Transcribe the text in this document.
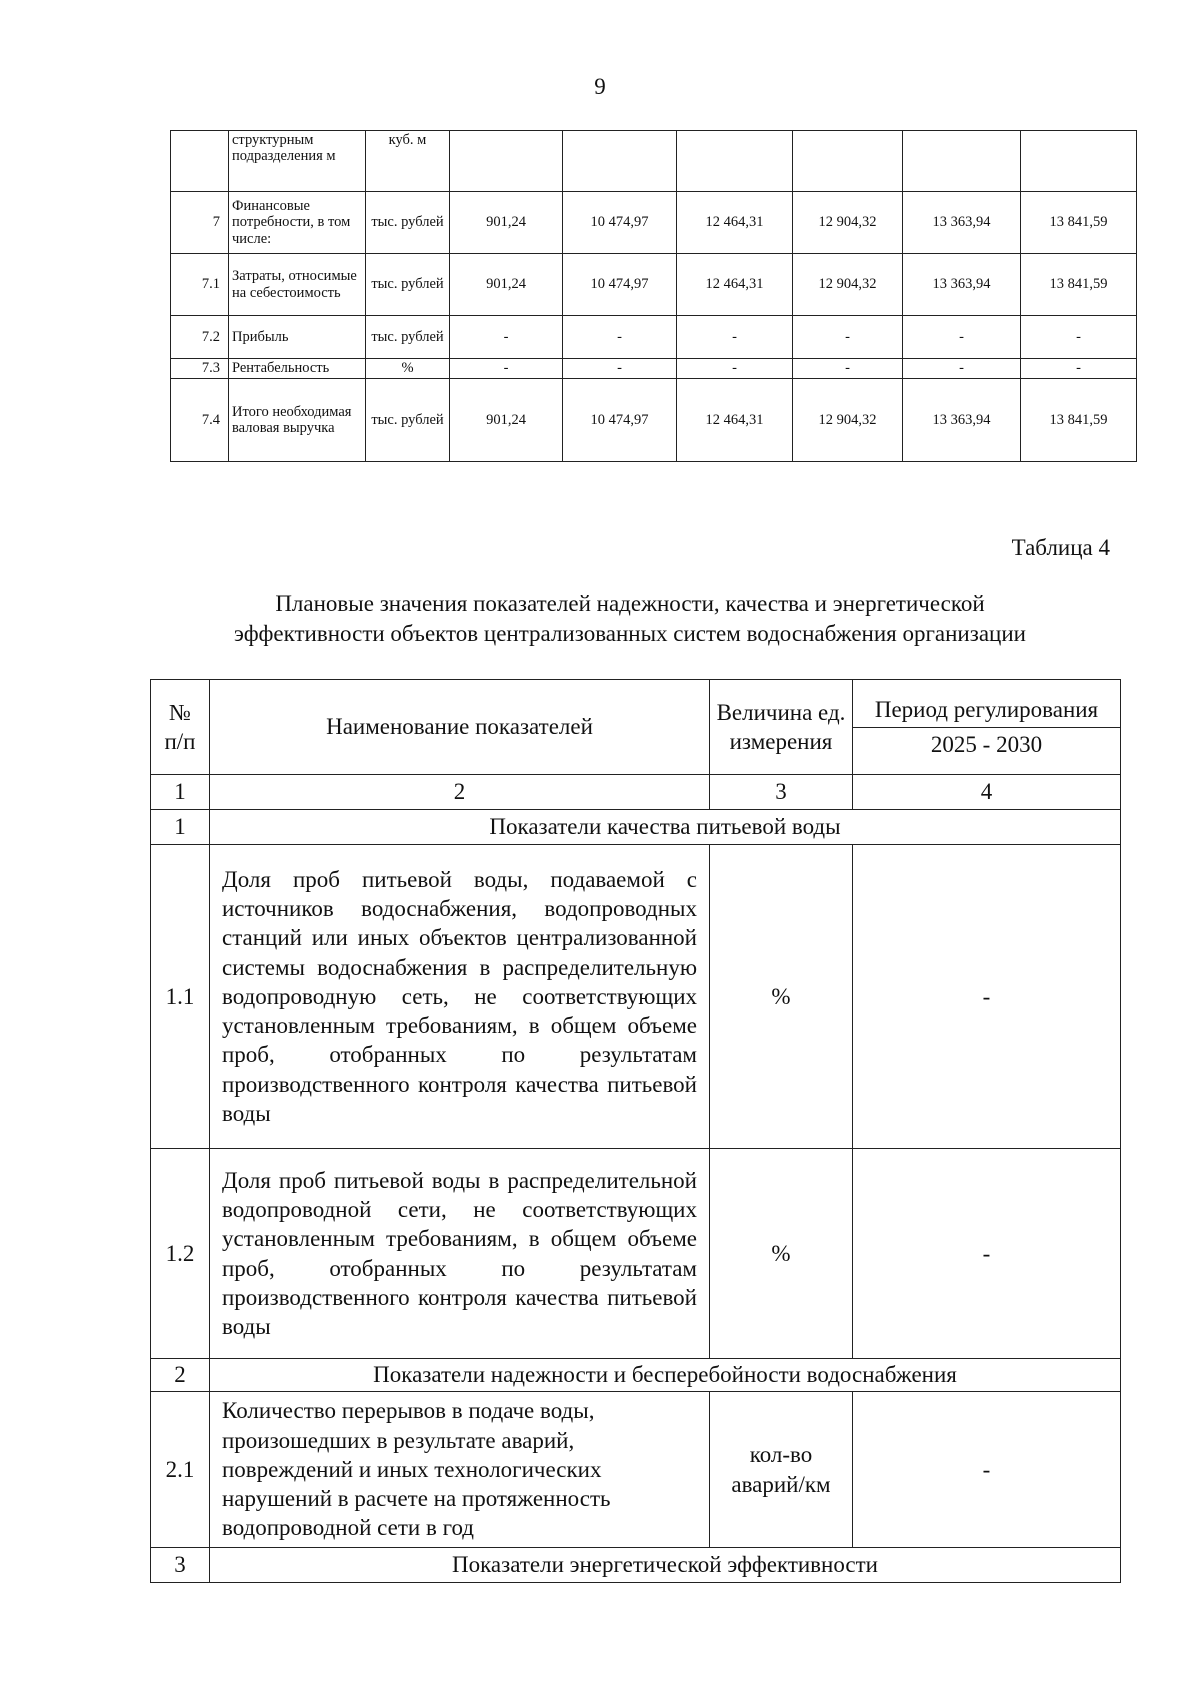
9
	структурным подразделения м	куб. м						
7	Финансовые потребности, в том числе:	тыс. рублей	901,24	10 474,97	12 464,31	12 904,32	13 363,94	13 841,59
7.1	Затраты, относимые на себестоимость	тыс. рублей	901,24	10 474,97	12 464,31	12 904,32	13 363,94	13 841,59
7.2	Прибыль	тыс. рублей	-	-	-	-	-	-
7.3	Рентабельность	%	-	-	-	-	-	-
7.4	Итого необходимая валовая выручка	тыс. рублей	901,24	10 474,97	12 464,31	12 904,32	13 363,94	13 841,59
Таблица 4
Плановые значения показателей надежности, качества и энергетической
эффективности объектов централизованных систем водоснабжения организации
№ п/п	Наименование показателей	Величина ед. измерения	Период регулирования
2025 - 2030

1	2	3	4
1	Показатели качества питьевой воды		
1.1	Доля проб питьевой воды, подаваемой с источников водоснабжения, водопроводных станций или иных объектов централизованной системы водоснабжения в распределительную водопроводную сеть, не соответствующих установленным требованиям, в общем объеме проб, отобранных по результатам производственного контроля качества питьевой воды	%	-
1.2	Доля проб питьевой воды в распределительной водопроводной сети, не соответствующих установленным требованиям, в общем объеме проб, отобранных по результатам производственного контроля качества питьевой воды	%	-
2	Показатели надежности и бесперебойности водоснабжения		
2.1	Количество перерывов в подаче воды, произошедших в результате аварий, повреждений и иных технологических нарушений в расчете на протяженность водопроводной сети в год	кол-во аварий/км	-
3	Показатели энергетической эффективности		
